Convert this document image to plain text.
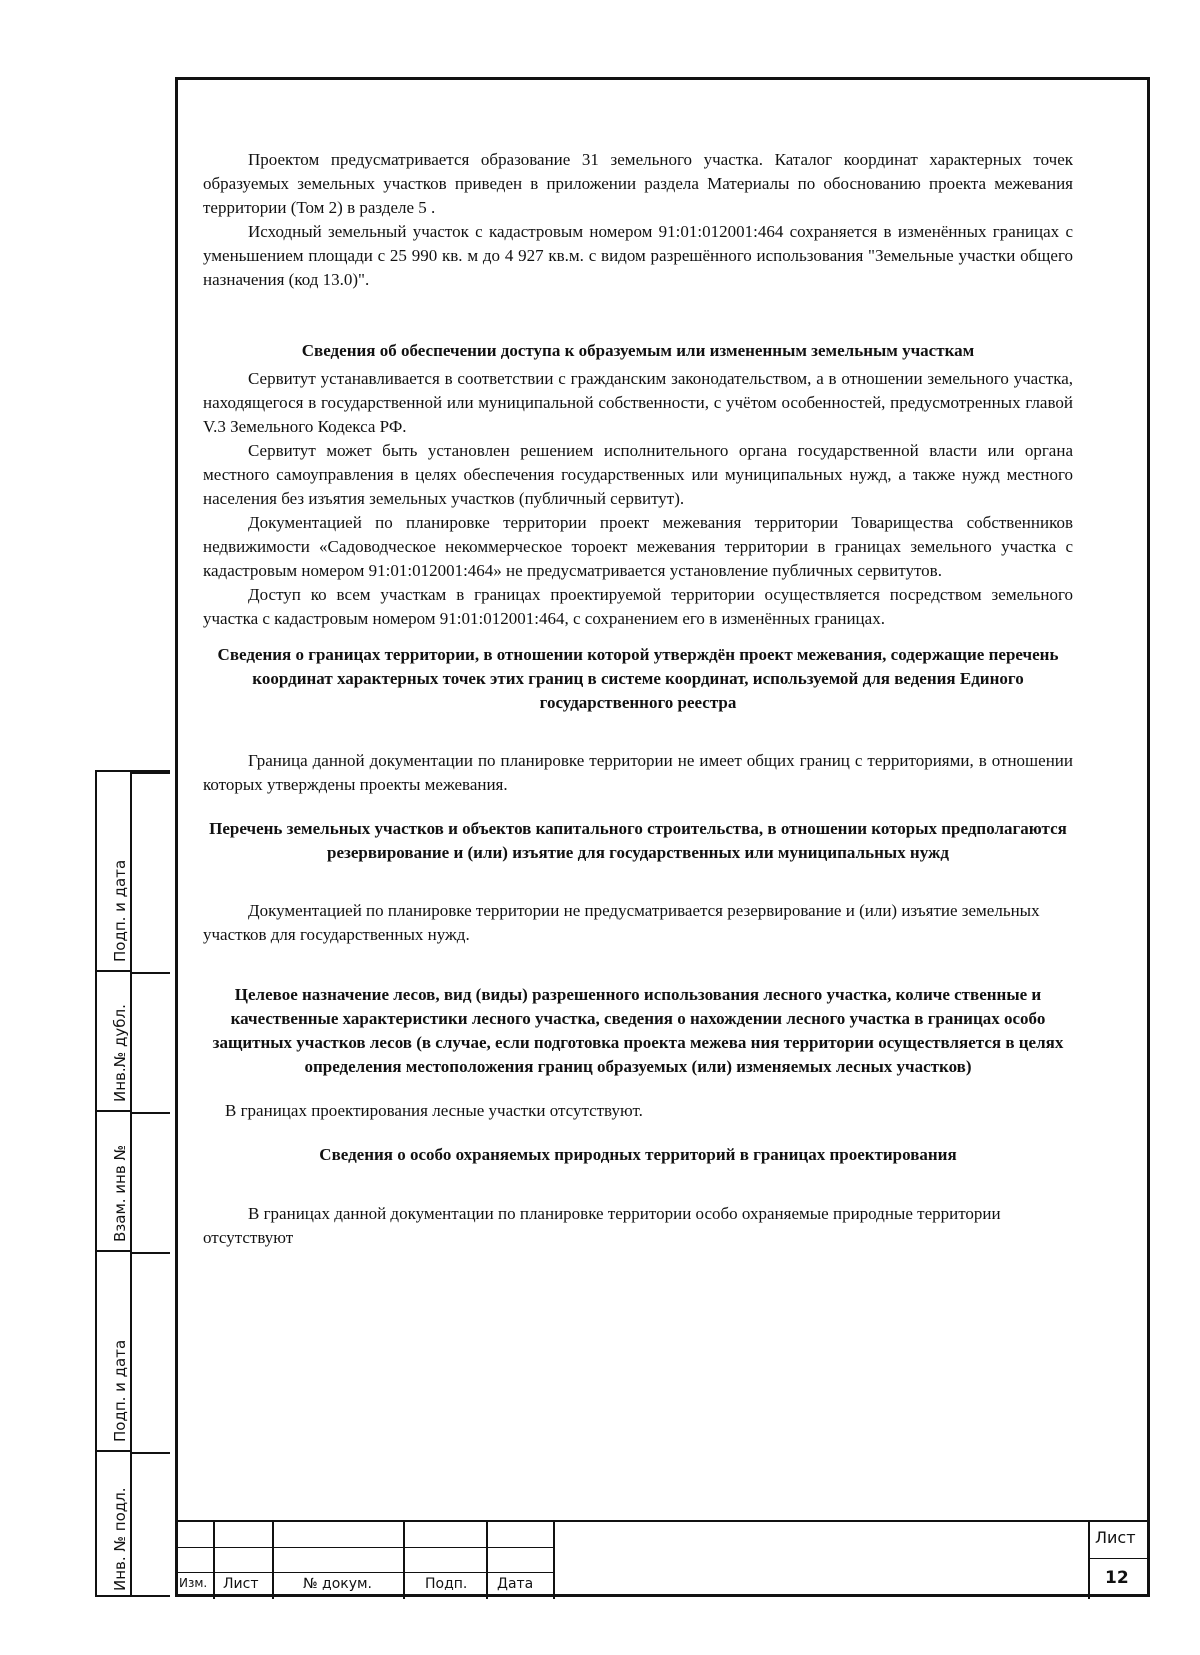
Проектом предусматривается образование 31 земельного участка. Каталог координат характерных точек образуемых земельных участков приведен в приложении раздела Материалы по обоснованию проекта межевания территории (Том 2) в разделе 5 .

Исходный земельный участок с кадастровым номером 91:01:012001:464 сохраняется в изменённых границах с уменьшением площади с 25 990 кв. м до 4 927 кв.м. с видом разрешённого использования "Земельные участки общего назначения (код 13.0)".

Сведения об обеспечении доступа к образуемым или измененным земельным участкам

Сервитут устанавливается в соответствии с гражданским законодательством, а в отношении земельного участка, находящегося в государственной или муниципальной собственности, с учётом особенностей, предусмотренных главой V.3 Земельного Кодекса РФ.

Сервитут может быть установлен решением исполнительного органа государственной власти или органа местного самоуправления в целях обеспечения государственных или муниципальных нужд, а также нужд местного населения без изъятия земельных участков (публичный сервитут).

Документацией по планировке территории проект межевания территории Товарищества собственников недвижимости «Садоводческое некоммерческое тороект межевания территории в границах земельного участка с кадастровым номером 91:01:012001:464» не предусматривается установление публичных сервитутов.

Доступ ко всем участкам в границах проектируемой территории осуществляется посредством земельного участка с кадастровым номером 91:01:012001:464, с сохранением его в изменённых границах.

Сведения о границах территории, в отношении которой утверждён проект межевания, содержащие перечень координат характерных точек этих границ в системе координат, используемой для ведения Единого государственного реестра

Граница данной документации по планировке территории не имеет общих границ с территориями, в отношении которых утверждены проекты межевания.

Перечень земельных участков и объектов капитального строительства, в отношении которых предполагаются резервирование и (или) изъятие для государственных или муниципальных нужд

Документацией по планировке территории не предусматривается резервирование и (или) изъятие земельных участков для государственных нужд.

Целевое назначение лесов, вид (виды) разрешенного использования лесного участка, количе ственные и качественные характеристики лесного участка, сведения о нахождении лесного участка в границах особо защитных участков лесов (в случае, если подготовка проекта межева ния территории осуществляется в целях определения местоположения границ образуемых (или) изменяемых лесных участков)

В границах проектирования лесные участки отсутствуют.

Сведения о особо охраняемых природных территорий в границах проектирования

В границах данной документации по планировке территории особо охраняемые природные территории отсутствуют

Подп. и дата
Инв.№ дубл.
Взам. инв №
Подп. и дата
Инв. № подл.	Изм. Лист	№ докум.	Подп. Дата
Лист
12
